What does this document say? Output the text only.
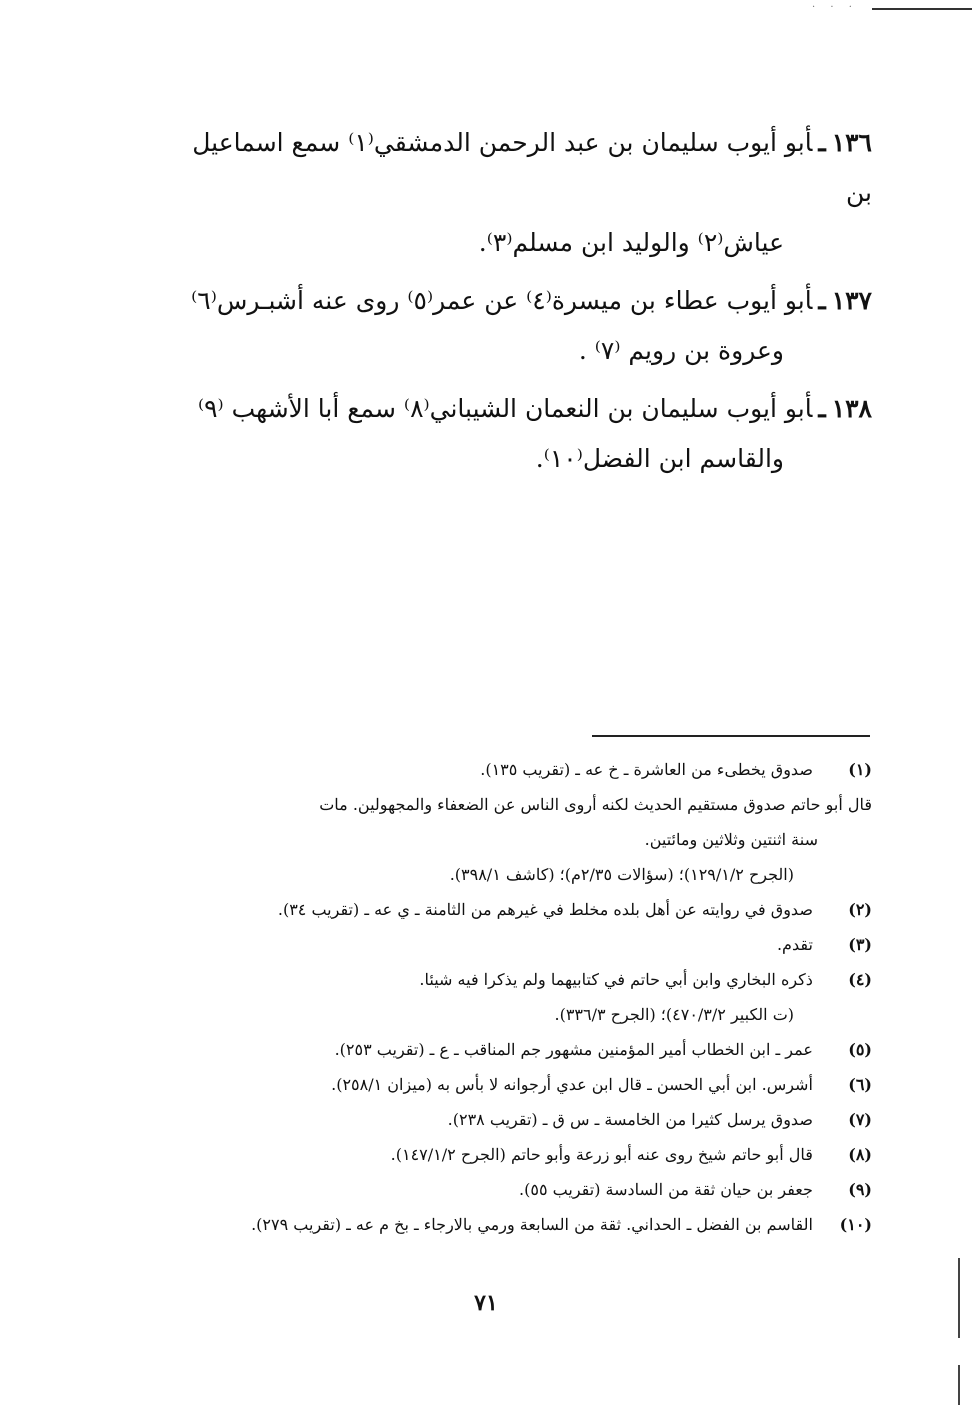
· · ·

١٣٦ـأبو أيوب سليمان بن عبد الرحمن الدمشقي⁽١⁾ سمع اسماعيل بن
عياش⁽٢⁾ والوليد ابن مسلم⁽٣⁾.

١٣٧ـأبو أيوب عطاء بن ميسرة⁽٤⁾ عن عمر⁽٥⁾ روى عنه أشبـرس⁽٦⁾
وعروة بن رويم ⁽٧⁾ .

١٣٨ـأبو أيوب سليمان بن النعمان الشيباني⁽٨⁾ سمع أبا الأشهب ⁽٩⁾
والقاسم ابن الفضل⁽١٠⁾.

(١) صدوق يخطىء من العاشرة ـ خ عه ـ (تقريب ١٣٥).
قال أبو حاتم صدوق مستقيم الحديث لكنه أروى الناس عن الضعفاء والمجهولين. مات
سنة اثنتين وثلاثين ومائتين.
(الجرح ١٢٩/١/٢)؛ (سؤالات ٢/٣٥م)؛ (كاشف ٣٩٨/١).

(٢) صدوق في روايته عن أهل بلده مخلط في غيرهم من الثامنة ـ ي عه ـ (تقريب ٣٤).

(٣) تقدم.

(٤) ذكره البخاري وابن أبي حاتم في كتابيهما ولم يذكرا فيه شيئا.
(ت الكبير ٤٧٠/٣/٢)؛ (الجرح ٣٣٦/٣).

(٥) عمر ـ ابن الخطاب أمير المؤمنين مشهور جم المناقب ـ ع ـ (تقريب ٢٥٣).

(٦) أشرس. ابن أبي الحسن ـ قال ابن عدي أرجوانه لا بأس به (ميزان ٢٥٨/١).

(٧) صدوق يرسل كثيرا من الخامسة ـ س ق ـ (تقريب ٢٣٨).

(٨) قال أبو حاتم شيخ روى عنه أبو زرعة وأبو حاتم (الجرح ١٤٧/١/٢).

(٩) جعفر بن حيان ثقة من السادسة (تقريب ٥٥).

(١٠) القاسم بن الفضل ـ الحداني. ثقة من السابعة ورمي بالارجاء ـ بخ م عه ـ (تقريب ٢٧٩).

٧١
